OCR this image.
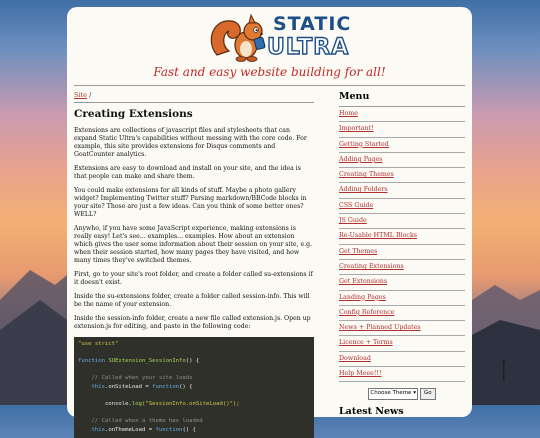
STATIC
ULTRA
Fast and easy website building for all!
Site /
Creating Extensions

Extensions are collections of javascript files and stylesheets that can expand Static Ultra's capabilities without messing with the core code. For example, this site provides extensions for Disqus comments and GoatCounter analytics.

Extensions are easy to download and install on your site, and the idea is that people can make and share them.

You could make extensions for all kinds of stuff. Maybe a photo gallery widget? Implementing Twitter stuff? Parsing markdown/BBCode blocks in your site? Those are just a few ideas. Can you think of some better ones? WELL?

Anywho, if you have some JavaScript experience, making extensions is really easy! Let's see... examples... examples. How about an extension which gives the user some information about their session on your site, e.g. when their session started, how many pages they have visited, and how many times they've switched themes.

First, go to your site's root folder, and create a folder called su-extensions if it doesn't exist.

Inside the su-extensions folder, create a folder called session-info. This will be the name of your extension.

Inside the session-info folder, create a new file called extension.js. Open up extension.js for editing, and paste in the following code:

"use strict"

function SUExtension_SessionInfo() {

// Called when your site loads
this.onSiteLoad = function() {

console.log("SessionInfo.onSiteLoad()");

// Called when a theme has loaded
this.onThemeLoad = function() {
Menu
Home
Important!
Getting Started
Adding Pages
Creating Themes
Adding Folders
CSS Guide
JS Guide
Re-Usable HTML Blocks
Get Themes
Creating Extensions
Get Extensions
Landing Pages
Config Reference
News + Planned Updates
Licence + Terms
Download
Help Meee!!!
Choose Theme ▾ Go
Latest News
